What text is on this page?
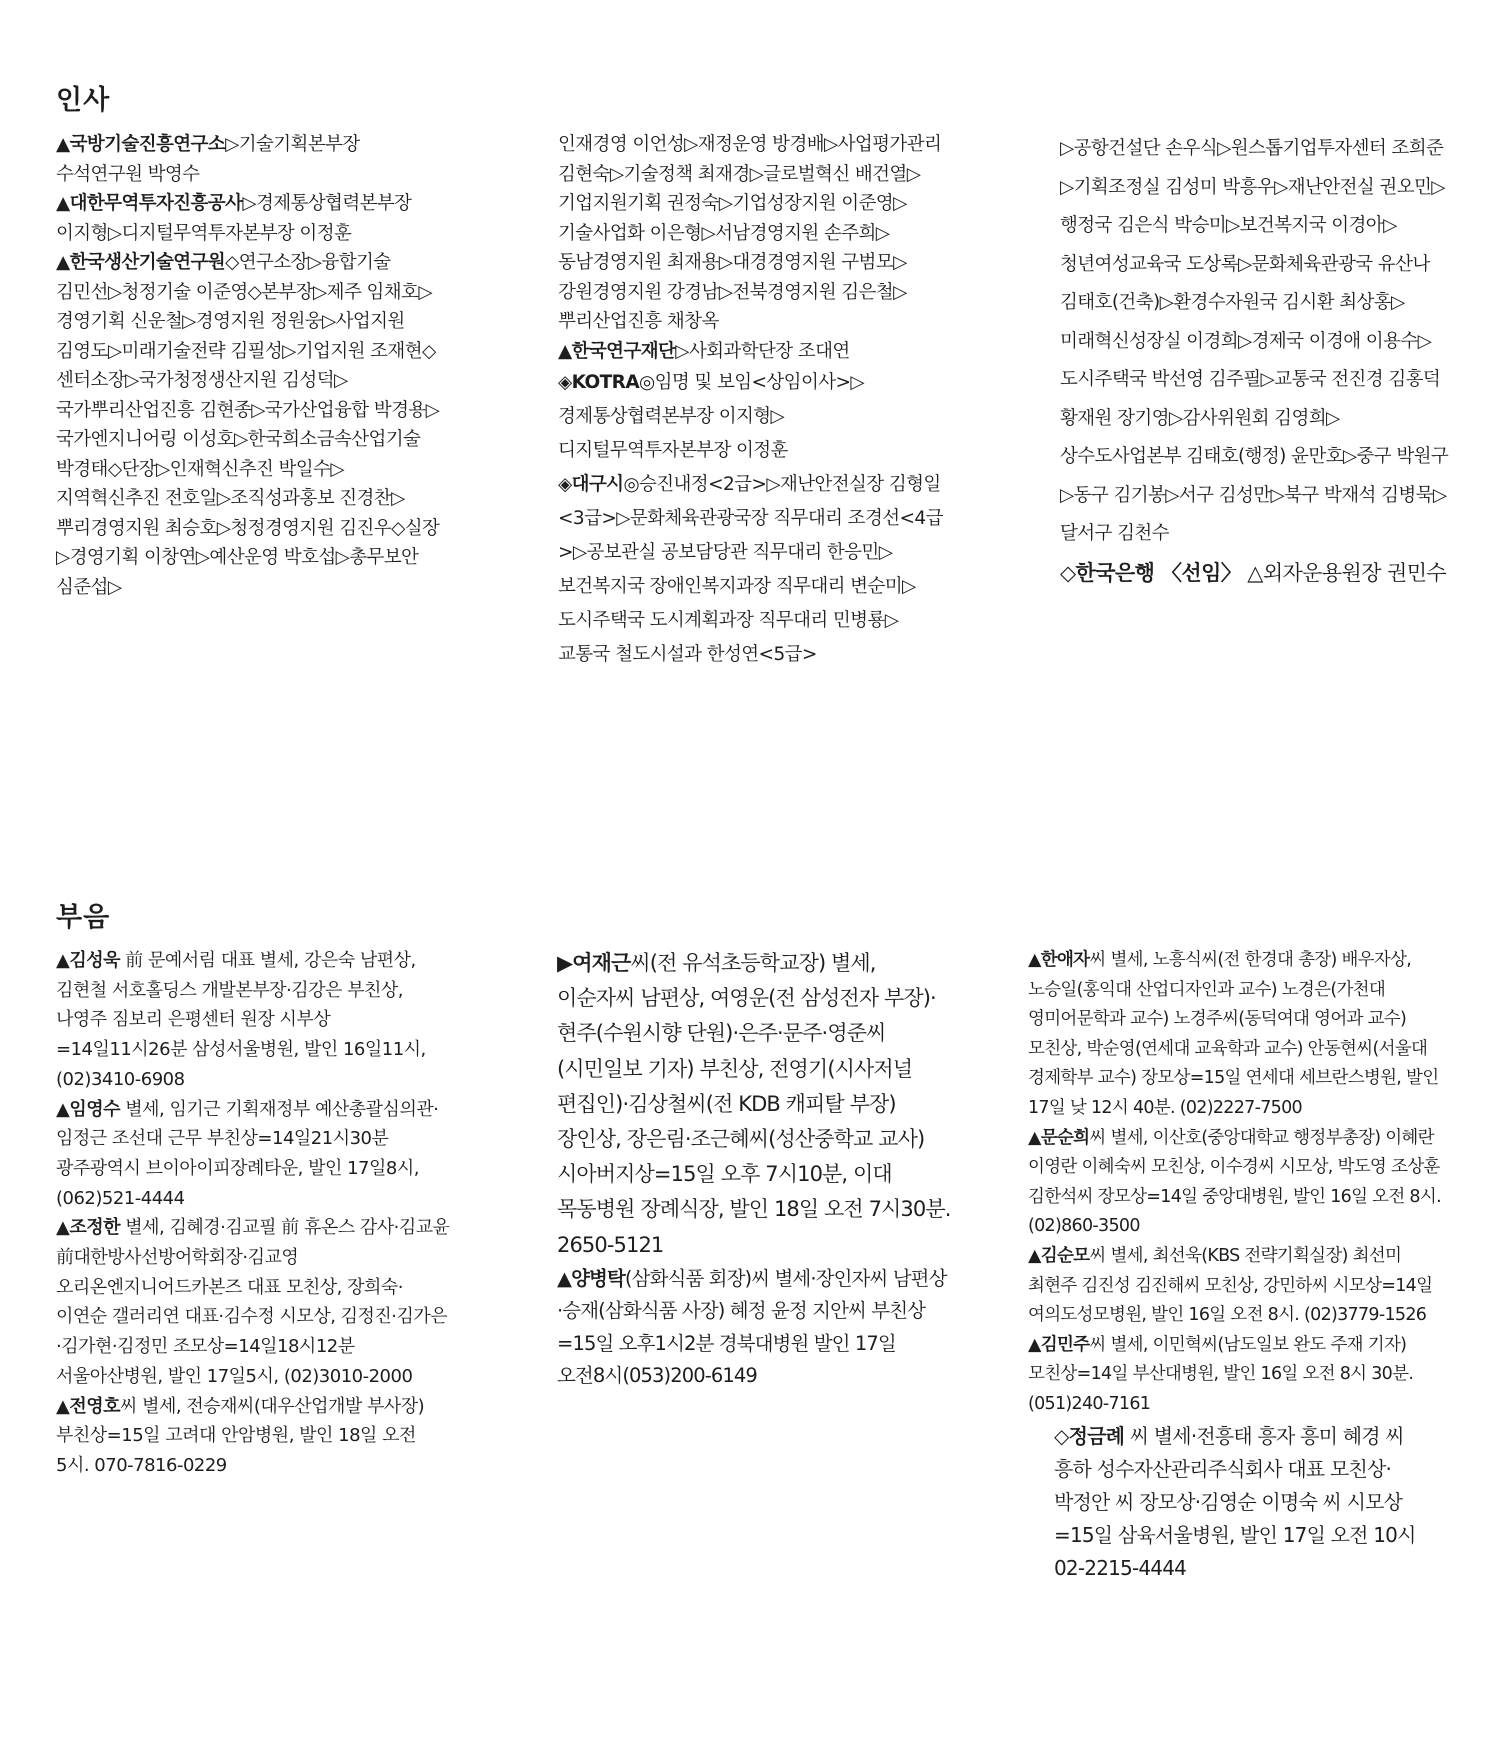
인사

▲국방기술진흥연구소▷기술기획본부장 수석연구원 박영수

▲대한무역투자진흥공사▷경제통상협력본부장 이지형▷디지털무역투자본부장 이정훈

▲한국생산기술연구원◇연구소장▷융합기술 김민선▷청정기술 이준영◇본부장▷제주 임채호▷경영기획 신운철▷경영지원 정원웅▷사업지원 김영도▷미래기술전략 김필성▷기업지원 조재현◇센터소장▷국가청정생산지원 김성덕▷국가뿌리산업진흥 김현종▷국가산업융합 박경용▷국가엔지니어링 이성호▷한국희소금속산업기술 박경태◇단장▷인재혁신추진 박일수▷지역혁신추진 전호일▷조직성과홍보 진경찬▷뿌리경영지원 최승호▷청정경영지원 김진우◇실장▷경영기획 이창연▷예산운영 박호섭▷총무보안 심준섭▷

인재경영 이언성▷재정운영 방경배▷사업평가관리 김현숙▷기술정책 최재경▷글로벌혁신 배건열▷기업지원기획 권정숙▷기업성장지원 이준영▷기술사업화 이은형▷서남경영지원 손주희▷동남경영지원 최재용▷대경경영지원 구범모▷강원경영지원 강경남▷전북경영지원 김은철▷뿌리산업진흥 채창옥

▲한국연구재단▷사회과학단장 조대연

◈KOTRA◎임명 및 보임<상임이사>▷경제통상협력본부장 이지형▷디지털무역투자본부장 이정훈

◈대구시◎승진내정<2급>▷재난안전실장 김형일<3급>▷문화체육관광국장 직무대리 조경선<4급>▷공보관실 공보담당관 직무대리 한응민▷보건복지국 장애인복지과장 직무대리 변순미▷도시주택국 도시계획과장 직무대리 민병룡▷교통국 철도시설과 한성연<5급>

▷공항건설단 손우식▷원스톱기업투자센터 조희준▷기획조정실 김성미 박흥우▷재난안전실 권오민▷행정국 김은식 박승미▷보건복지국 이경아▷청년여성교육국 도상록▷문화체육관광국 유산나 김태호(건축)▷환경수자원국 김시환 최상홍▷미래혁신성장실 이경희▷경제국 이경애 이용수▷도시주택국 박선영 김주필▷교통국 전진경 김홍덕 황재원 장기영▷감사위원회 김영희▷상수도사업본부 김태호(행정) 윤만호▷중구 박원구▷동구 김기봉▷서구 김성만▷북구 박재석 김병묵▷달서구 김천수

◇한국은행 〈선임〉 △외자운용원장 권민수

부음

▲김성욱 前 문예서림 대표 별세, 강은숙 남편상, 김현철 서호홀딩스 개발본부장·김강은 부친상, 나영주 짐보리 은평센터 원장 시부상=14일11시26분 삼성서울병원, 발인 16일11시, (02)3410-6908

▲임영수 별세, 임기근 기획재정부 예산총괄심의관·임정근 조선대 근무 부친상=14일21시30분 광주광역시 브이아이피장례타운, 발인 17일8시, (062)521-4444

▲조정한 별세, 김혜경·김교필 前 휴온스 감사·김교윤 前대한방사선방어학회장·김교영 오리온엔지니어드카본즈 대표 모친상, 장희숙·이연순 갤러리연 대표·김수정 시모상, 김정진·김가은·김가현·김정민 조모상=14일18시12분 서울아산병원, 발인 17일5시, (02)3010-2000

▲전영호씨 별세, 전승재씨(대우산업개발 부사장) 부친상=15일 고려대 안암병원, 발인 18일 오전 5시. 070-7816-0229

▶여재근씨(전 유석초등학교장) 별세, 이순자씨 남편상, 여영운(전 삼성전자 부장)·현주(수원시향 단원)·은주·문주·영준씨(시민일보 기자) 부친상, 전영기(시사저널 편집인)·김상철씨(전 KDB 캐피탈 부장) 장인상, 장은림·조근혜씨(성산중학교 교사) 시아버지상=15일 오후 7시10분, 이대 목동병원 장례식장, 발인 18일 오전 7시30분. 2650-5121

▲양병탁(삼화식품 회장)씨 별세·장인자씨 남편상·승재(삼화식품 사장) 혜정 윤정 지안씨 부친상=15일 오후1시2분 경북대병원 발인 17일 오전8시(053)200-6149

▲한애자씨 별세, 노흥식씨(전 한경대 총장) 배우자상, 노승일(홍익대 산업디자인과 교수) 노경은(가천대 영미어문학과 교수) 노경주씨(동덕여대 영어과 교수) 모친상, 박순영(연세대 교육학과 교수) 안동현씨(서울대 경제학부 교수) 장모상=15일 연세대 세브란스병원, 발인 17일 낮 12시 40분. (02)2227-7500

▲문순희씨 별세, 이산호(중앙대학교 행정부총장) 이혜란 이영란 이혜숙씨 모친상, 이수경씨 시모상, 박도영 조상훈 김한석씨 장모상=14일 중앙대병원, 발인 16일 오전 8시. (02)860-3500

▲김순모씨 별세, 최선욱(KBS 전략기획실장) 최선미 최현주 김진성 김진해씨 모친상, 강민하씨 시모상=14일 여의도성모병원, 발인 16일 오전 8시. (02)3779-1526

▲김민주씨 별세, 이민혁씨(남도일보 완도 주재 기자) 모친상=14일 부산대병원, 발인 16일 오전 8시 30분. (051)240-7161

◇정금례 씨 별세·전흥태 흥자 흥미 혜경 씨 흥하 성수자산관리주식회사 대표 모친상·박정안 씨 장모상·김영순 이명숙 씨 시모상=15일 삼육서울병원, 발인 17일 오전 10시 02-2215-4444
